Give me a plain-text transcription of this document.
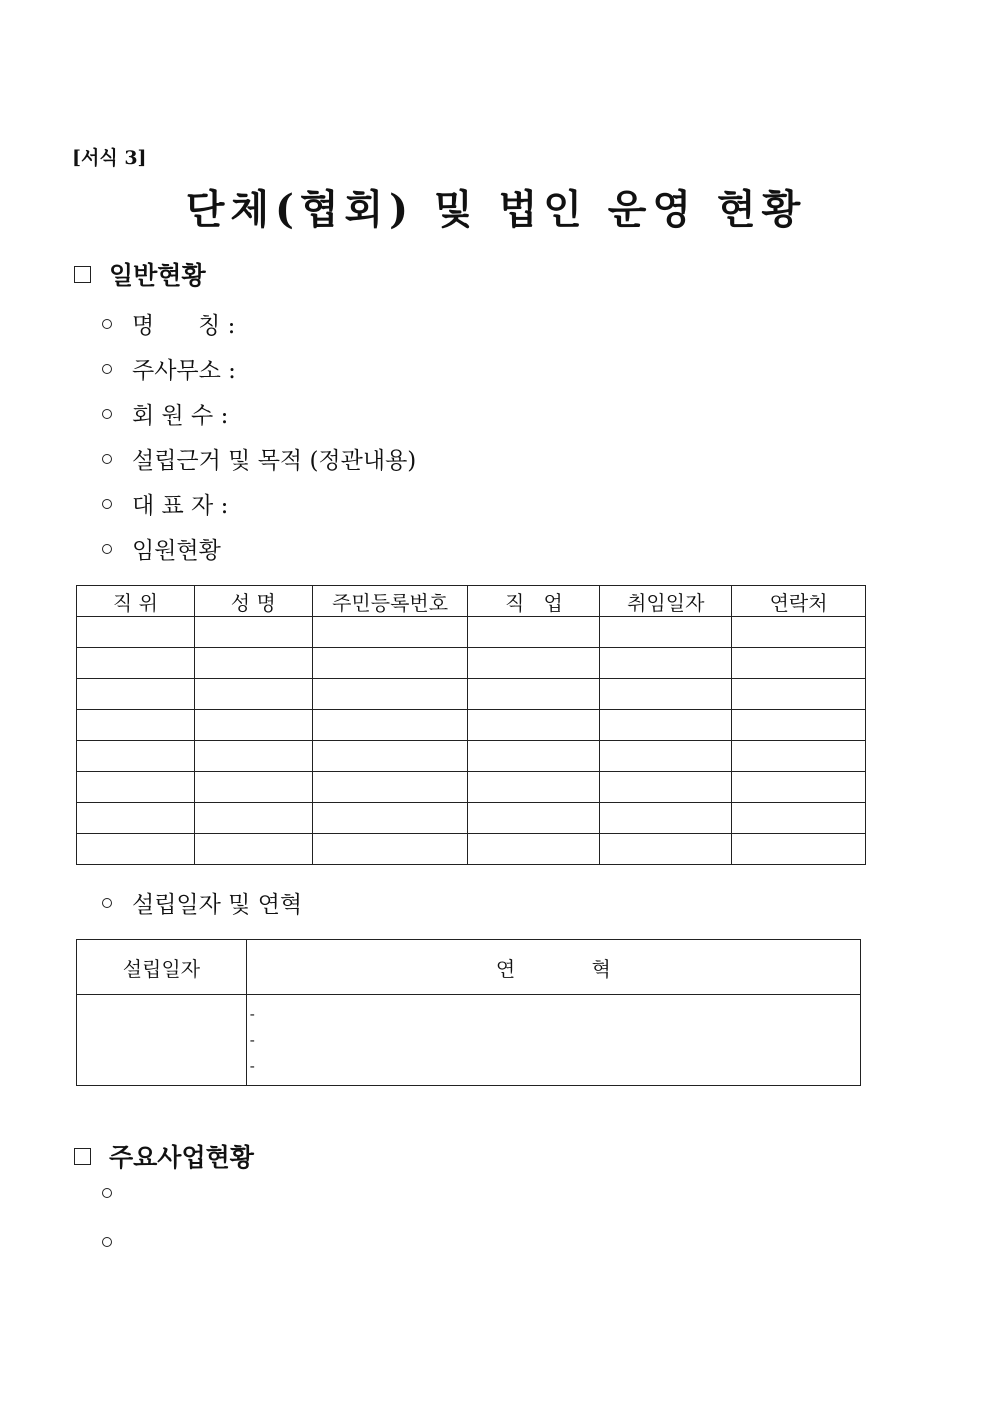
[서식 3]
단체(협회) 및 법인 운영 현황
일반현황
명      칭 :
주사무소 :
회 원 수 :
설립근거 및 목적 (정관내용)
대 표 자 :
임원현황
직 위	성 명	주민등록번호	직   업	취임일자	연락처

설립일자 및 연혁
설립일자	연            혁

	-
-
-
주요사업현황
